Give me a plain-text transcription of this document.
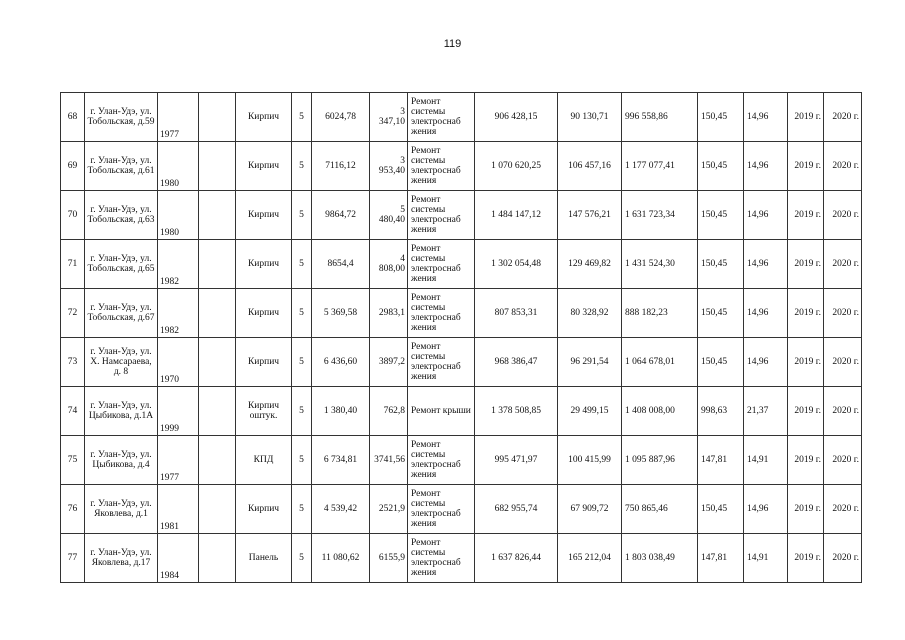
119
68	г. Улан-Удэ, ул. Тобольская, д.59	1977		Кирпич	5	6024,78	3 347,10	Ремонт системы электроснаб жения	906 428,15	90 130,71	996 558,86	150,45	14,96	2019 г.	2020 г.
69	г. Улан-Удэ, ул. Тобольская, д.61	1980		Кирпич	5	7116,12	3 953,40	Ремонт системы электроснаб жения	1 070 620,25	106 457,16	1 177 077,41	150,45	14,96	2019 г.	2020 г.
70	г. Улан-Удэ, ул. Тобольская, д.63	1980		Кирпич	5	9864,72	5 480,40	Ремонт системы электроснаб жения	1 484 147,12	147 576,21	1 631 723,34	150,45	14,96	2019 г.	2020 г.
71	г. Улан-Удэ, ул. Тобольская, д.65	1982		Кирпич	5	8654,4	4 808,00	Ремонт системы электроснаб жения	1 302 054,48	129 469,82	1 431 524,30	150,45	14,96	2019 г.	2020 г.
72	г. Улан-Удэ, ул. Тобольская, д.67	1982		Кирпич	5	5 369,58	2983,1	Ремонт системы электроснаб жения	807 853,31	80 328,92	888 182,23	150,45	14,96	2019 г.	2020 г.
73	г. Улан-Удэ, ул. Х. Намсараева, д. 8	1970		Кирпич	5	6 436,60	3897,2	Ремонт системы электроснаб жения	968 386,47	96 291,54	1 064 678,01	150,45	14,96	2019 г.	2020 г.
74	г. Улан-Удэ, ул. Цыбикова, д.1А	1999		Кирпич оштук.	5	1 380,40	762,8	Ремонт крыши	1 378 508,85	29 499,15	1 408 008,00	998,63	21,37	2019 г.	2020 г.
75	г. Улан-Удэ, ул. Цыбикова, д.4	1977		КПД	5	6 734,81	3741,56	Ремонт системы электроснаб жения	995 471,97	100 415,99	1 095 887,96	147,81	14,91	2019 г.	2020 г.
76	г. Улан-Удэ, ул. Яковлева, д.1	1981		Кирпич	5	4 539,42	2521,9	Ремонт системы электроснаб жения	682 955,74	67 909,72	750 865,46	150,45	14,96	2019 г.	2020 г.
77	г. Улан-Удэ, ул. Яковлева, д.17	1984		Панель	5	11 080,62	6155,9	Ремонт системы электроснаб жения	1 637 826,44	165 212,04	1 803 038,49	147,81	14,91	2019 г.	2020 г.
